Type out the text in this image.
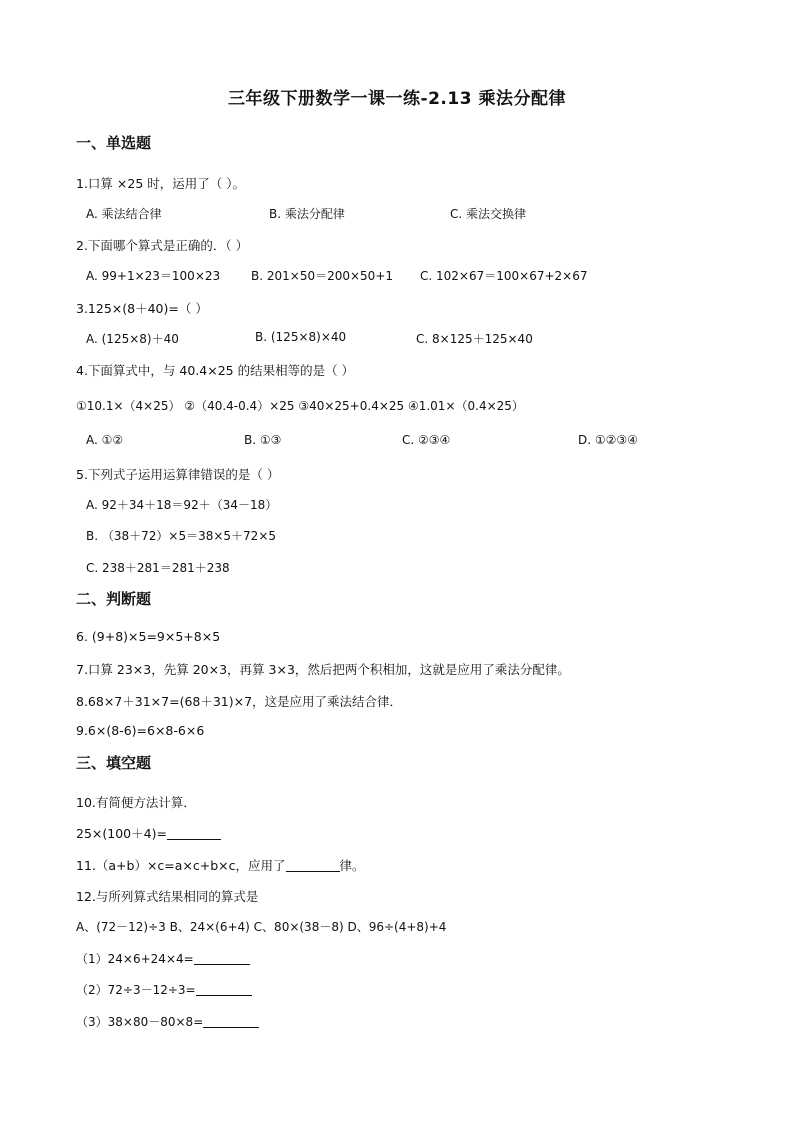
三年级下册数学一课一练-2.13 乘法分配律
一、单选题
1.口算 ×25 时，运用了（ ）。
A. 乘法结合律	B. 乘法分配律	C. 乘法交换律
2.下面哪个算式是正确的．（ ）
A. 99+1×23＝100×23	B. 201×50＝200×50+1 C. 102×67＝100×67+2×67
3.125×(8＋40)=（ ）
A. (125×8)＋40	B. (125×8)×40	C. 8×125＋125×40
4.下面算式中，与 40.4×25 的结果相等的是（ ）
①10.1×（4×25） ②（40.4-0.4）×25 ③40×25+0.4×25 ④1.01×（0.4×25）
A. ①②	B. ①③	C. ②③④	D. ①②③④
5.下列式子运用运算律错误的是（ ）
A. 92＋34＋18＝92＋（34－18）
B. （38＋72）×5＝38×5＋72×5
C. 238＋281＝281＋238
二、判断题
6. (9+8)×5=9×5+8×5
7.口算 23×3，先算 20×3，再算 3×3，然后把两个积相加，这就是应用了乘法分配律。
8.68×7＋31×7=(68＋31)×7，这是应用了乘法结合律．
9.6×(8-6)=6×8-6×6
三、填空题
10.有简便方法计算．
25×(100＋4)=
11.（a+b）×c=a×c+b×c，应用了	律。
12.与所列算式结果相同的算式是
A、(72－12)÷3 B、24×(6+4) C、80×(38－8) D、96÷(4+8)+4
（1）24×6+24×4=
（2）72÷3－12÷3=
（3）38×80－80×8=
